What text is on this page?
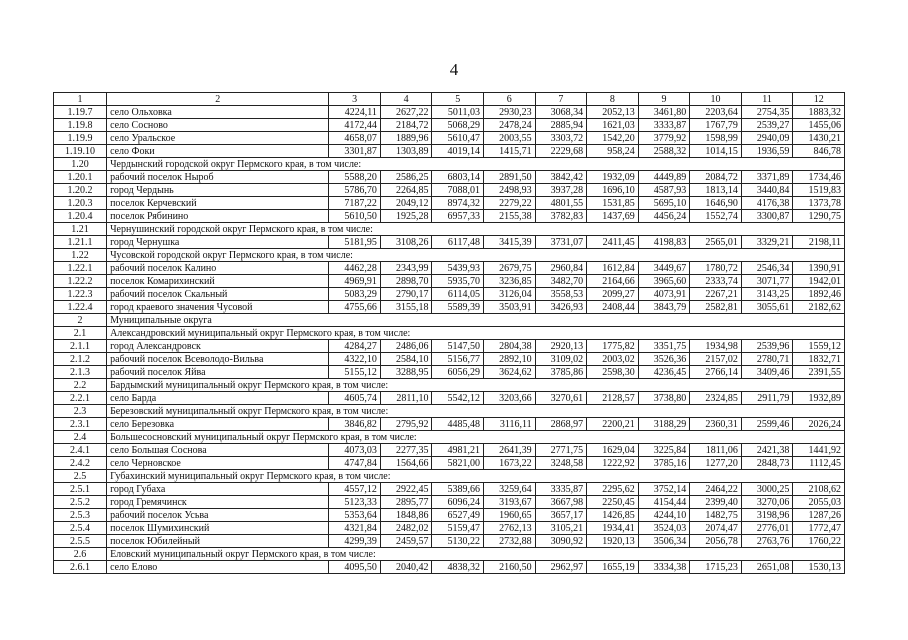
4
1	2	3	4	5	6	7	8	9	10	11	12
1.19.7	село Ольховка	4224,11	2627,22	5011,03	2930,23	3068,34	2052,13	3461,80	2203,64	2754,35	1883,32
1.19.8	село Сосново	4172,44	2184,72	5068,29	2478,24	2885,94	1621,03	3333,87	1767,79	2539,27	1455,06
1.19.9	село Уральское	4658,07	1889,96	5610,47	2003,55	3303,72	1542,20	3779,92	1598,99	2940,09	1430,21
1.19.10	село Фоки	3301,87	1303,89	4019,14	1415,71	2229,68	958,24	2588,32	1014,15	1936,59	846,78
1.20	Чердынский городской округ Пермского края, в том числе:										
1.20.1	рабочий поселок Ныроб	5588,20	2586,25	6803,14	2891,50	3842,42	1932,09	4449,89	2084,72	3371,89	1734,46
1.20.2	город Чердынь	5786,70	2264,85	7088,01	2498,93	3937,28	1696,10	4587,93	1813,14	3440,84	1519,83
1.20.3	поселок Керчевский	7187,22	2049,12	8974,32	2279,22	4801,55	1531,85	5695,10	1646,90	4176,38	1373,78
1.20.4	поселок Рябинино	5610,50	1925,28	6957,33	2155,38	3782,83	1437,69	4456,24	1552,74	3300,87	1290,75
1.21	Чернушинский городской округ Пермского края, в том числе:										
1.21.1	город Чернушка	5181,95	3108,26	6117,48	3415,39	3731,07	2411,45	4198,83	2565,01	3329,21	2198,11
1.22	Чусовской городской округ Пермского края, в том числе:										
1.22.1	рабочий поселок Калино	4462,28	2343,99	5439,93	2679,75	2960,84	1612,84	3449,67	1780,72	2546,34	1390,91
1.22.2	поселок Комарихинский	4969,91	2898,70	5935,70	3236,85	3482,70	2164,66	3965,60	2333,74	3071,77	1942,01
1.22.3	рабочий поселок Скальный	5083,29	2790,17	6114,05	3126,04	3558,53	2099,27	4073,91	2267,21	3143,25	1892,46
1.22.4	город краевого значения Чусовой	4755,66	3155,18	5589,39	3503,91	3426,93	2408,44	3843,79	2582,81	3055,61	2182,62
2	Муниципальные округа										
2.1	Александровский муниципальный округ Пермского края, в том числе:										
2.1.1	город Александровск	4284,27	2486,06	5147,50	2804,38	2920,13	1775,82	3351,75	1934,98	2539,96	1559,12
2.1.2	рабочий поселок Всеволодо-Вильва	4322,10	2584,10	5156,77	2892,10	3109,02	2003,02	3526,36	2157,02	2780,71	1832,71
2.1.3	рабочий поселок Яйва	5155,12	3288,95	6056,29	3624,62	3785,86	2598,30	4236,45	2766,14	3409,46	2391,55
2.2	Бардымский муниципальный округ Пермского края, в том числе:										
2.2.1	село Барда	4605,74	2811,10	5542,12	3203,66	3270,61	2128,57	3738,80	2324,85	2911,79	1932,89
2.3	Березовский муниципальный округ Пермского края, в том числе:										
2.3.1	село Березовка	3846,82	2795,92	4485,48	3116,11	2868,97	2200,21	3188,29	2360,31	2599,46	2026,24
2.4	Большесосновский муниципальный округ Пермского края, в том числе:										
2.4.1	село Большая Соснова	4073,03	2277,35	4981,21	2641,39	2771,75	1629,04	3225,84	1811,06	2421,38	1441,92
2.4.2	село Черновское	4747,84	1564,66	5821,00	1673,22	3248,58	1222,92	3785,16	1277,20	2848,73	1112,45
2.5	Губахинский муниципальный округ Пермского края, в том числе:										
2.5.1	город Губаха	4557,12	2922,45	5389,66	3259,64	3335,87	2295,62	3752,14	2464,22	3000,25	2108,62
2.5.2	город Гремячинск	5123,33	2895,77	6096,24	3193,67	3667,98	2250,45	4154,44	2399,40	3270,06	2055,03
2.5.3	рабочий поселок Усьва	5353,64	1848,86	6527,49	1960,65	3657,17	1426,85	4244,10	1482,75	3198,96	1287,26
2.5.4	поселок Шумихинский	4321,84	2482,02	5159,47	2762,13	3105,21	1934,41	3524,03	2074,47	2776,01	1772,47
2.5.5	поселок Юбилейный	4299,39	2459,57	5130,22	2732,88	3090,92	1920,13	3506,34	2056,78	2763,76	1760,22
2.6	Еловский муниципальный округ Пермского края, в том числе:										
2.6.1	село Елово	4095,50	2040,42	4838,32	2160,50	2962,97	1655,19	3334,38	1715,23	2651,08	1530,13
